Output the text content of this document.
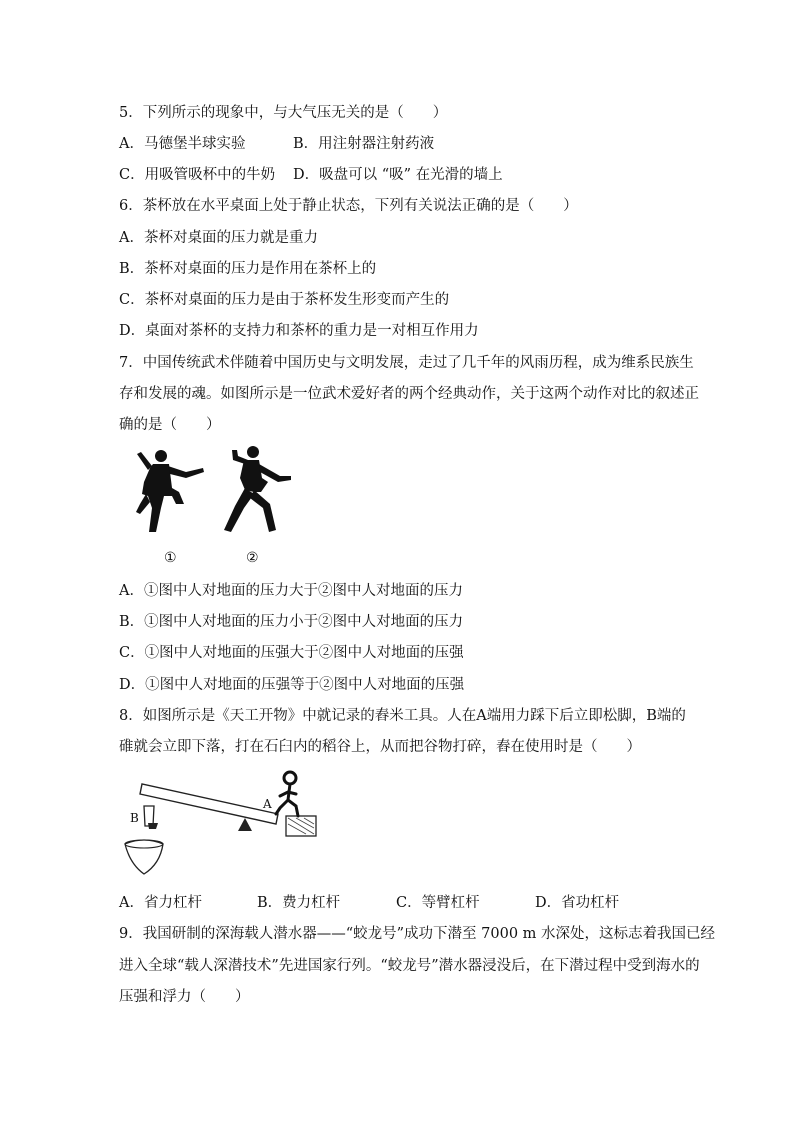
5．下列所示的现象中，与大气压无关的是（　　）
A．马德堡半球实验	B．用注射器注射药液
C．用吸管吸杯中的牛奶 D．吸盘可以 “吸” 在光滑的墙上
6．茶杯放在水平桌面上处于静止状态，下列有关说法正确的是（　　）
A．茶杯对桌面的压力就是重力
B．茶杯对桌面的压力是作用在茶杯上的
C．茶杯对桌面的压力是由于茶杯发生形变而产生的
D．桌面对茶杯的支持力和茶杯的重力是一对相互作用力
7．中国传统武术伴随着中国历史与文明发展，走过了几千年的风雨历程，成为维系民族生
存和发展的魂。如图所示是一位武术爱好者的两个经典动作，关于这两个动作对比的叙述正
确的是（　　）
①	②
A．①图中人对地面的压力大于②图中人对地面的压力
B．①图中人对地面的压力小于②图中人对地面的压力
C．①图中人对地面的压强大于②图中人对地面的压强
D．①图中人对地面的压强等于②图中人对地面的压强
8．如图所示是《天工开物》中就记录的舂米工具。人在A端用力踩下后立即松脚，B端的
碓就会立即下落，打在石臼内的稻谷上，从而把谷物打碎，舂在使用时是（　　）
A
B
A．省力杠杆	B．费力杠杆	C．等臂杠杆	D．省功杠杆
9．我国研制的深海载人潜水器——“蛟龙号”成功下潜至 7000 m 水深处，这标志着我国已经
进入全球“载人深潜技术”先进国家行列。“蛟龙号”潜水器浸没后，在下潜过程中受到海水的
压强和浮力（　　）
